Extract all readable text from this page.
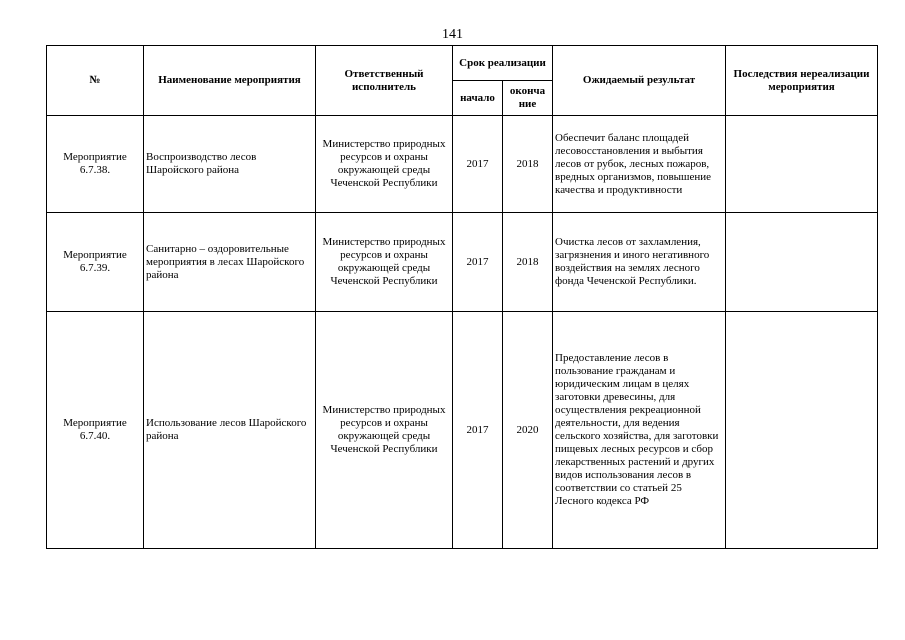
141
№	Наименование мероприятия	Ответственный исполнитель	Срок реализации		Ожидаемый результат	Последствия нереализации мероприятия
			начало	оконча ние		
Мероприятие 6.7.38.	Воспроизводство лесов Шаройского района	Министерство природных ресурсов и охраны окружающей среды Чеченской Республики	2017	2018	Обеспечит баланс площадей лесовосстановления и выбытия лесов от рубок, лесных пожаров, вредных организмов, повышение качества и продуктивности	
Мероприятие 6.7.39.	Санитарно – оздоровительные мероприятия в лесах Шаройского района	Министерство природных ресурсов и охраны окружающей среды Чеченской Республики	2017	2018	Очистка лесов от захламления, загрязнения и иного негативного воздействия на землях лесного фонда Чеченской Республики.	
Мероприятие 6.7.40.	Использование лесов Шаройского района	Министерство природных ресурсов и охраны окружающей среды Чеченской Республики	2017	2020	Предоставление лесов в пользование гражданам и юридическим лицам в целях заготовки древесины, для осуществления рекреационной деятельности, для ведения сельского хозяйства, для заготовки пищевых лесных ресурсов и сбор лекарственных растений и других видов использования лесов в соответствии со статьей 25 Лесного кодекса РФ	
